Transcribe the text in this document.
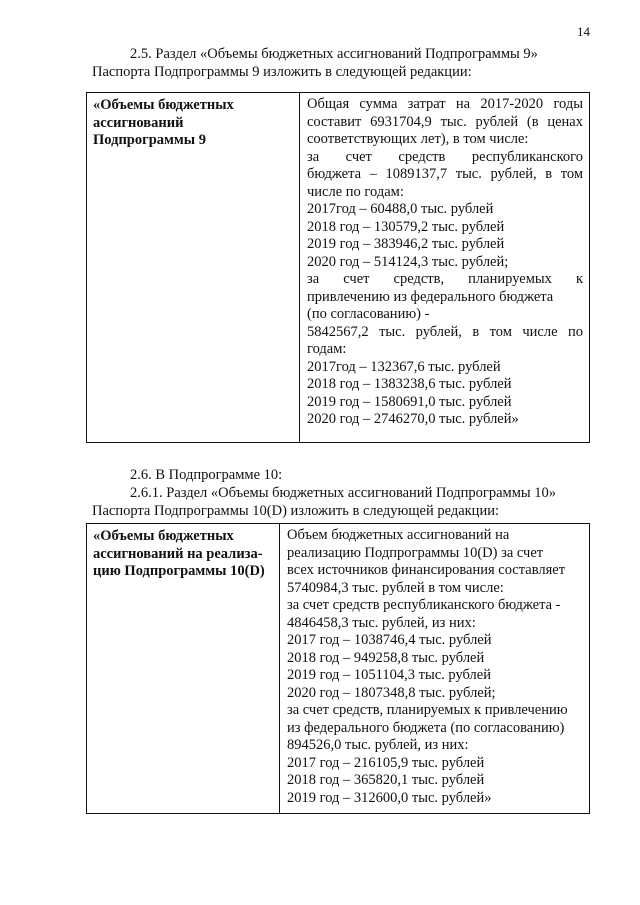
14
2.5. Раздел «Объемы бюджетных ассигнований Подпрограммы 9»
Паспорта Подпрограммы 9 изложить в следующей редакции:
«Объемы бюджетных
ассигнований
Подпрограммы 9

Общая сумма затрат на 2017-2020 годы
составит 6931704,9 тыс. рублей (в ценах
соответствующих лет), в том числе:
за счет средств республиканского
бюджета – 1089137,7 тыс. рублей, в том
числе по годам:
2017год – 60488,0 тыс. рублей
2018 год – 130579,2 тыс. рублей
2019 год – 383946,2 тыс. рублей
2020 год – 514124,3 тыс. рублей;
за счет средств, планируемых к
привлечению из федерального бюджета
(по согласованию) -
5842567,2 тыс. рублей, в том числе по
годам:
2017год – 132367,6 тыс. рублей
2018 год – 1383238,6 тыс. рублей
2019 год – 1580691,0 тыс. рублей
2020 год – 2746270,0 тыс. рублей»
2.6. В Подпрограмме 10:
2.6.1. Раздел «Объемы бюджетных ассигнований Подпрограммы 10»
Паспорта Подпрограммы 10(D) изложить в следующей редакции:
«Объемы бюджетных
ассигнований на реализа-
цию Подпрограммы 10(D)

Объем бюджетных ассигнований на
реализацию Подпрограммы 10(D) за счет
всех источников финансирования составляет
5740984,3 тыс. рублей в том числе:
за счет средств республиканского бюджета -
4846458,3 тыс. рублей, из них:
2017 год – 1038746,4 тыс. рублей
2018 год – 949258,8 тыс. рублей
2019 год – 1051104,3 тыс. рублей
2020 год – 1807348,8 тыс. рублей;
за счет средств, планируемых к привлечению
из федерального бюджета (по согласованию)
894526,0 тыс. рублей, из них:
2017 год – 216105,9 тыс. рублей
2018 год – 365820,1 тыс. рублей
2019 год – 312600,0 тыс. рублей»
